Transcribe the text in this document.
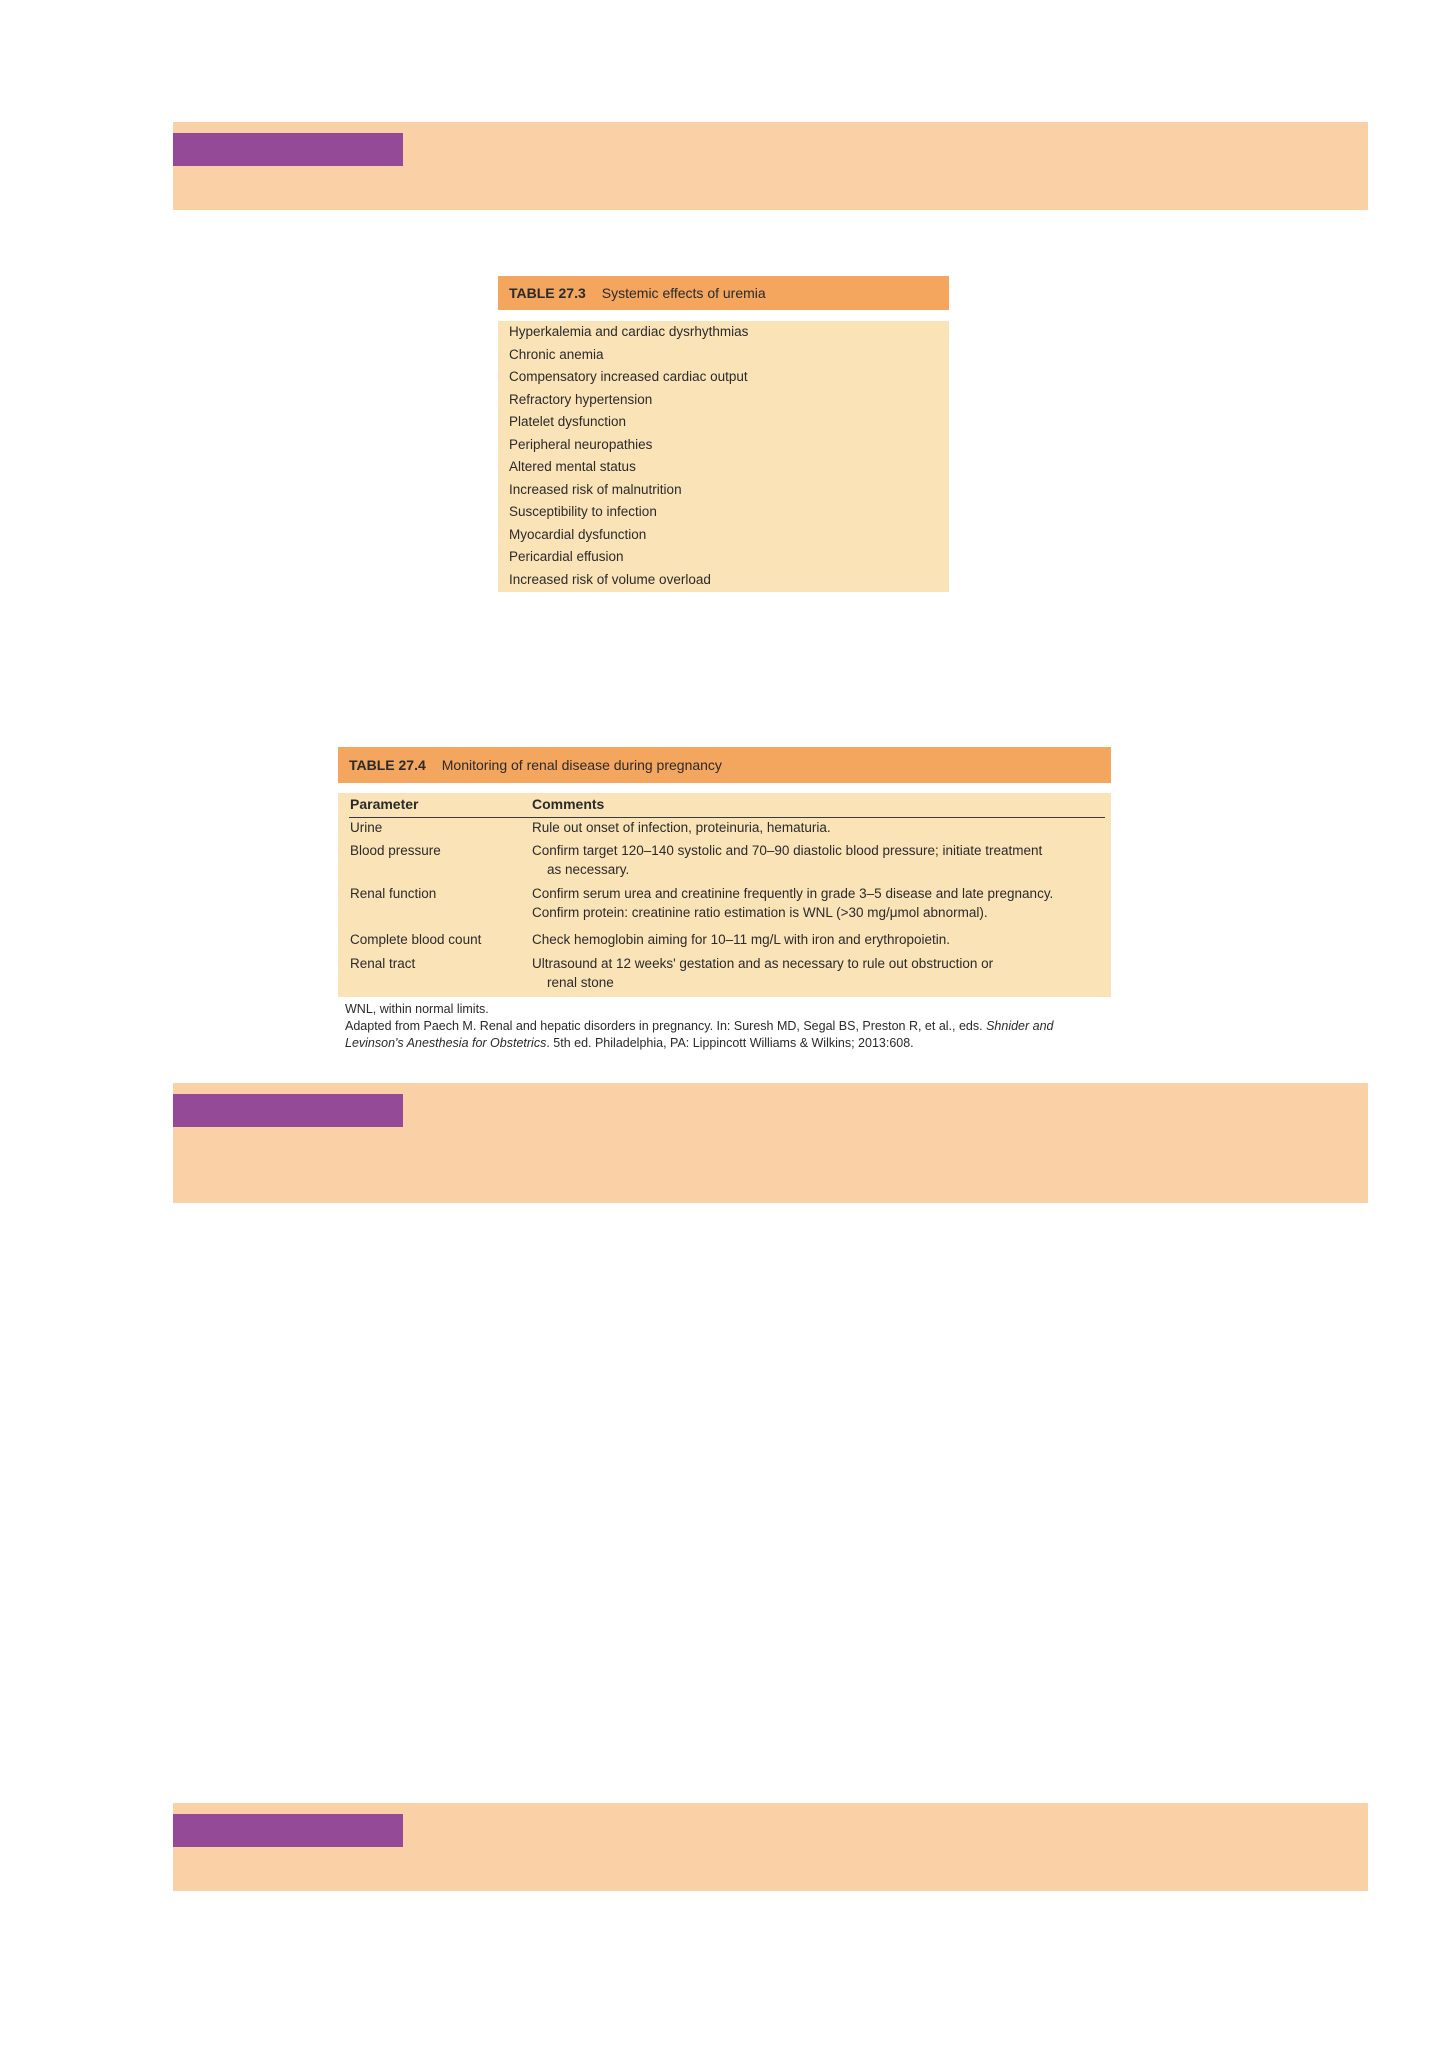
TABLE 27.3 Systemic effects of uremia
Hyperkalemia and cardiac dysrhythmias
Chronic anemia
Compensatory increased cardiac output
Refractory hypertension
Platelet dysfunction
Peripheral neuropathies
Altered mental status
Increased risk of malnutrition
Susceptibility to infection
Myocardial dysfunction
Pericardial effusion
Increased risk of volume overload
TABLE 27.4 Monitoring of renal disease during pregnancy
Parameter	Comments
Urine	Rule out onset of infection, proteinuria, hematuria.
Blood pressure	Confirm target 120–140 systolic and 70–90 diastolic blood pressure; initiate treatment
as necessary.
Renal function	Confirm serum urea and creatinine frequently in grade 3–5 disease and late pregnancy.
Confirm protein: creatinine ratio estimation is WNL (>30 mg/μmol abnormal).
Complete blood count	Check hemoglobin aiming for 10–11 mg/L with iron and erythropoietin.
Renal tract	Ultrasound at 12 weeks' gestation and as necessary to rule out obstruction or
renal stone
WNL, within normal limits.
Adapted from Paech M. Renal and hepatic disorders in pregnancy. In: Suresh MD, Segal BS, Preston R, et al., eds. Shnider and
Levinson's Anesthesia for Obstetrics. 5th ed. Philadelphia, PA: Lippincott Williams & Wilkins; 2013:608.
